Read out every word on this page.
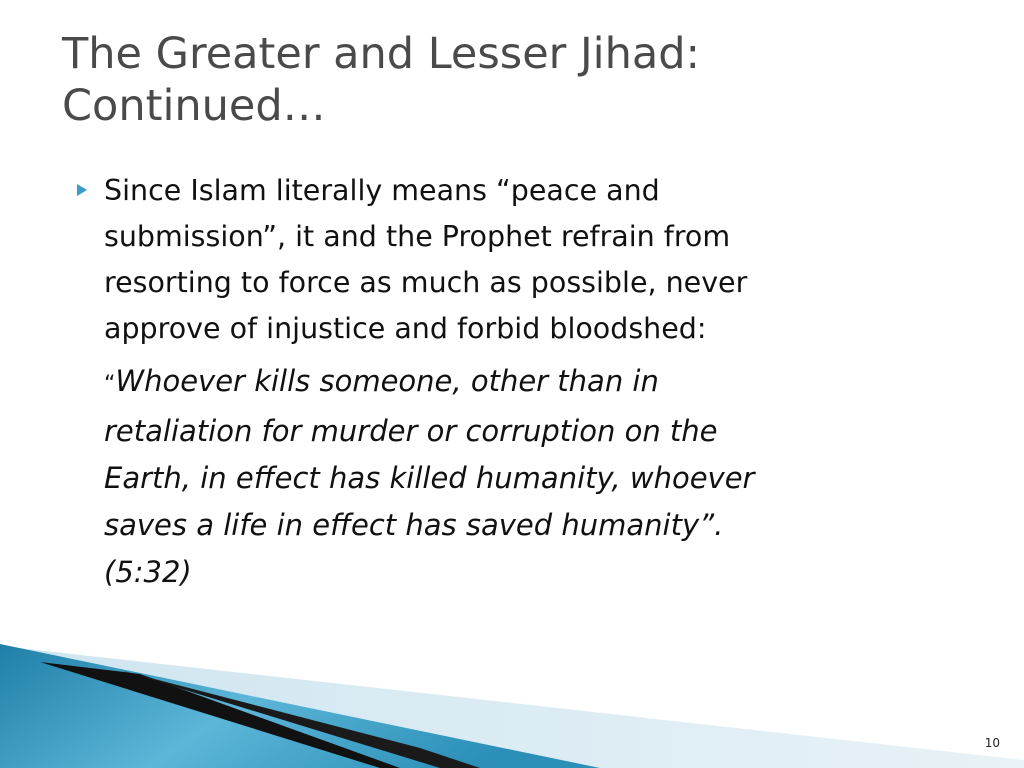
The Greater and Lesser Jihad:
Continued…

Since Islam literally means “peace and
submission”, it and the Prophet refrain from
resorting to force as much as possible, never
approve of injustice and forbid bloodshed:

“Whoever kills someone, other than in
retaliation for murder or corruption on the
Earth, in effect has killed humanity, whoever
saves a life in effect has saved humanity”.
(5:32)

10
